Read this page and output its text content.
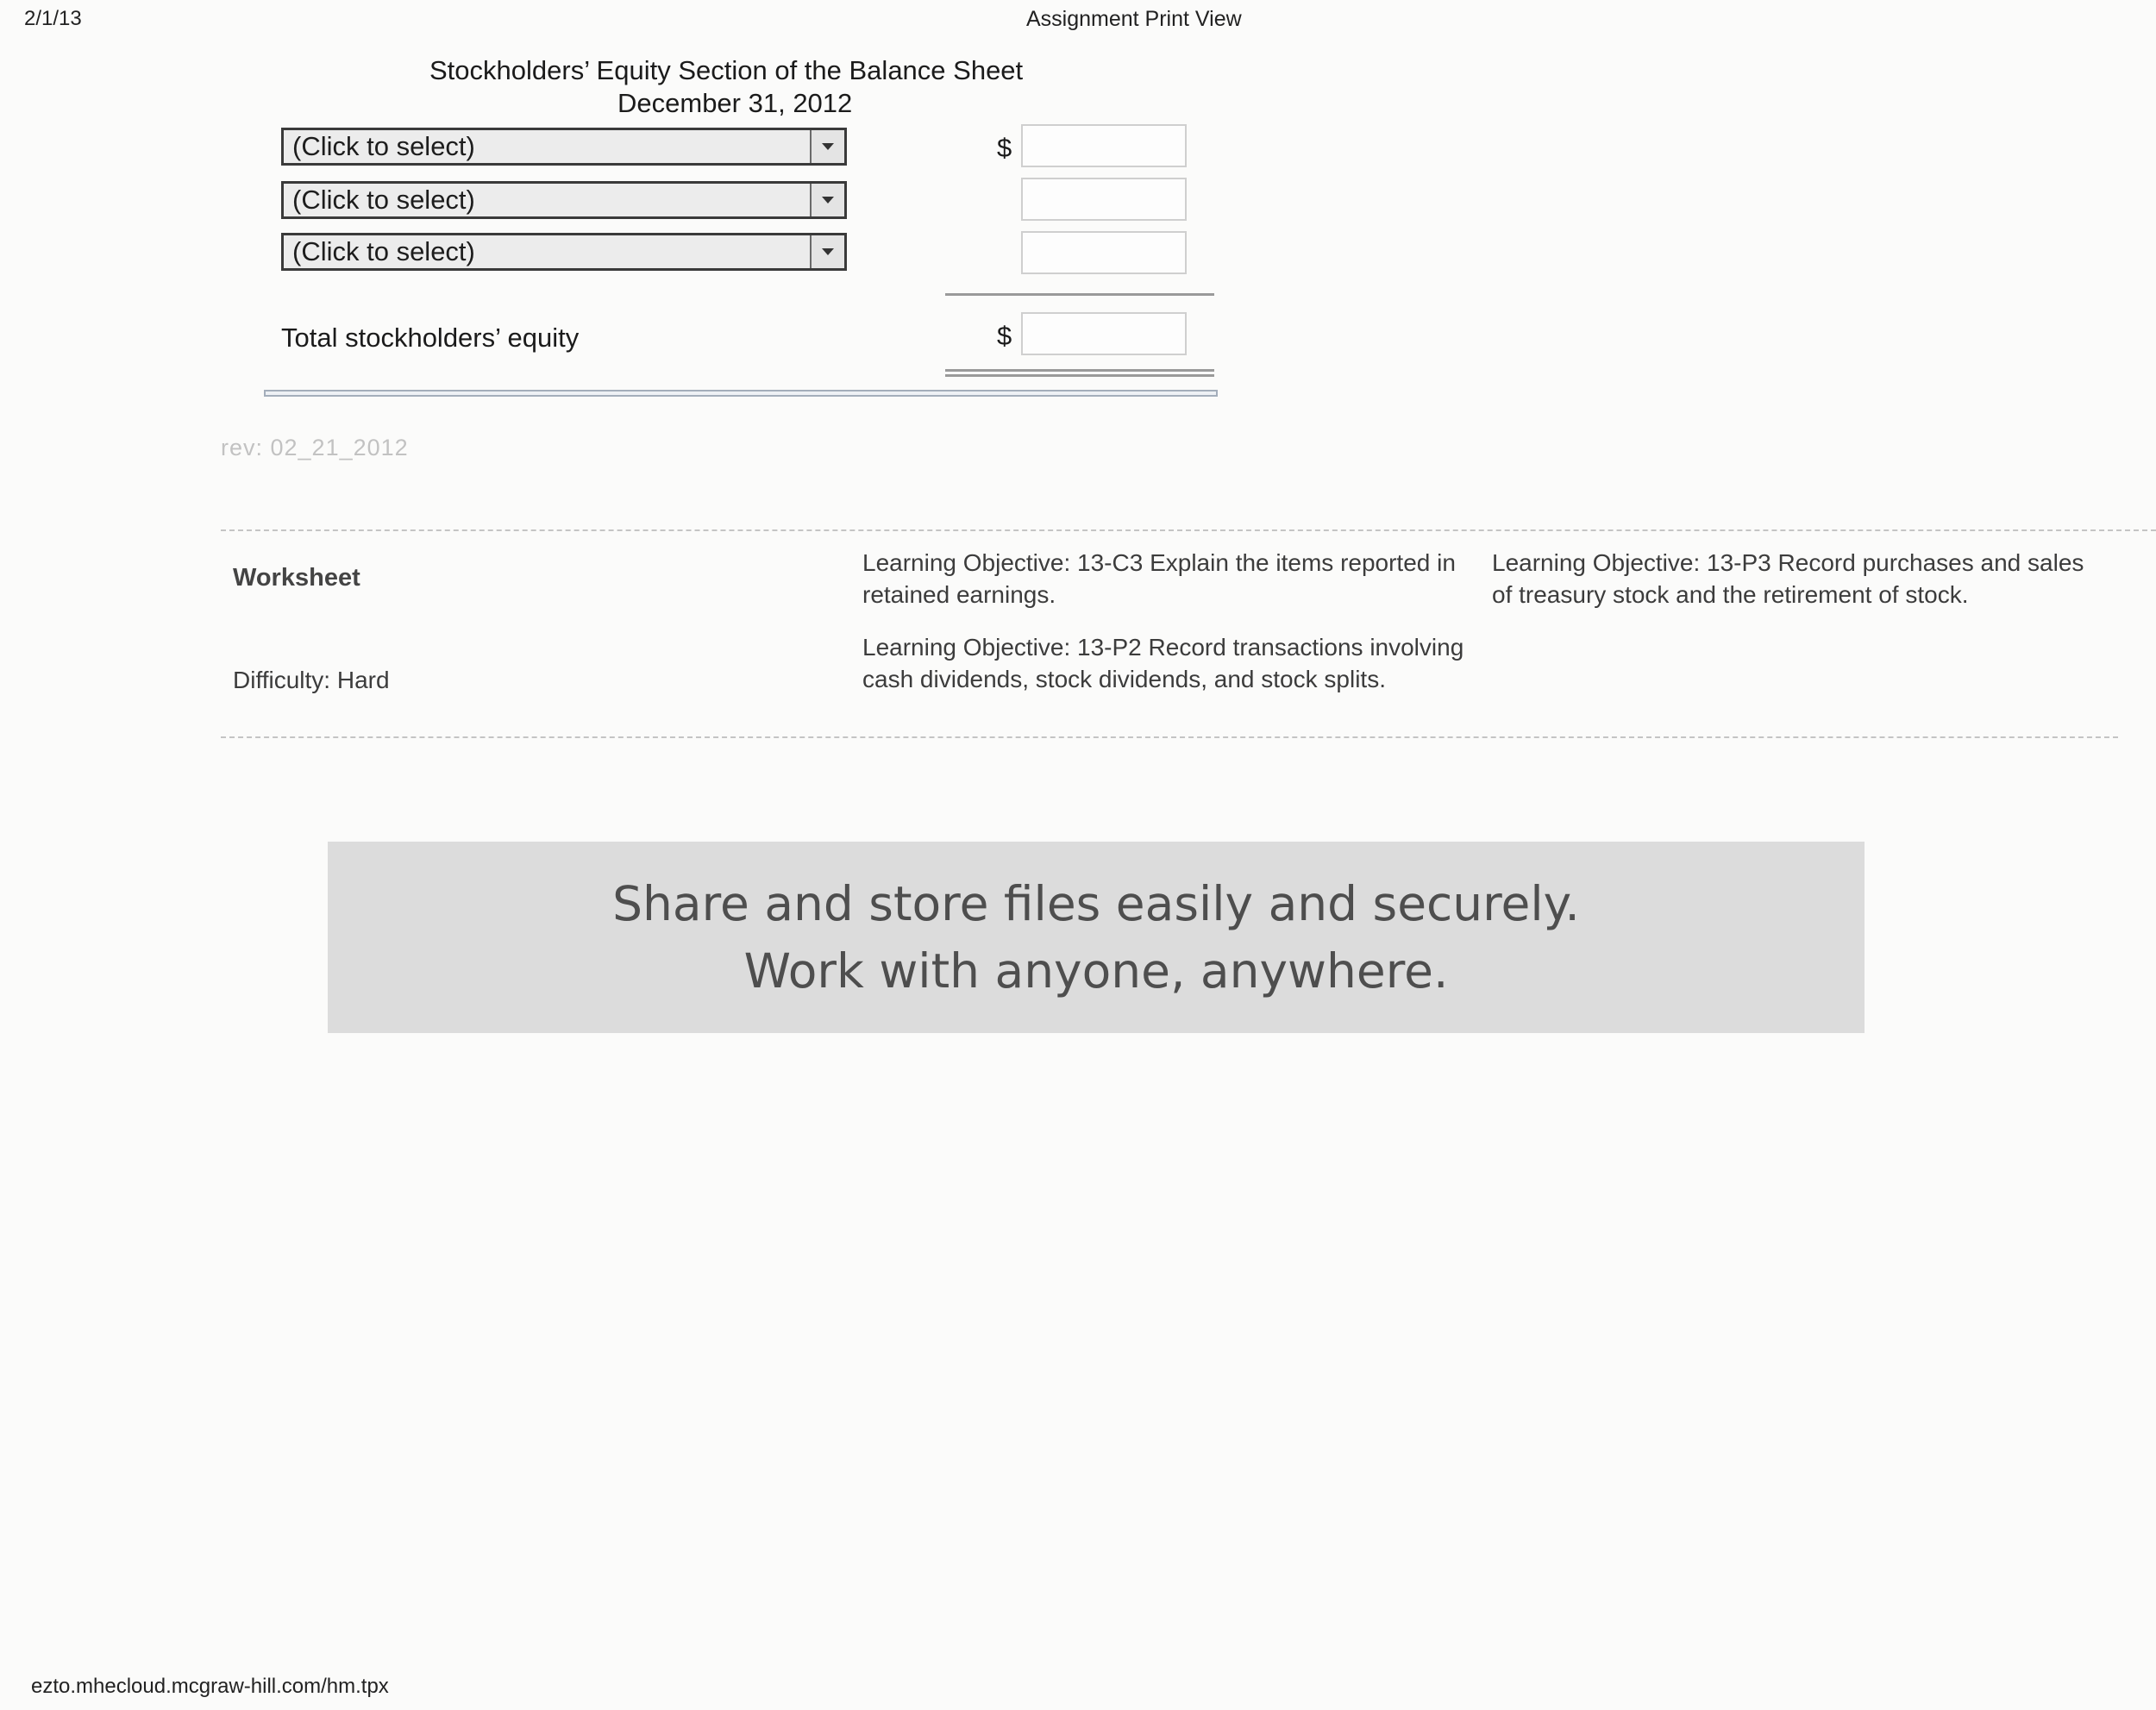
2/1/13	Assignment Print View
Stockholders’ Equity Section of the Balance Sheet
December 31, 2012
(Click to select)	$
(Click to select)
(Click to select)
Total stockholders’ equity	$
rev: 02_21_2012
Worksheet
Difficulty: Hard
Learning Objective: 13-C3 Explain the items reported in retained earnings.
Learning Objective: 13-P3 Record purchases and sales of treasury stock and the retirement of stock.
Learning Objective: 13-P2 Record transactions involving cash dividends, stock dividends, and stock splits.
Share and store files easily and securely.
Work with anyone, anywhere.
ezto.mhecloud.mcgraw-hill.com/hm.tpx
